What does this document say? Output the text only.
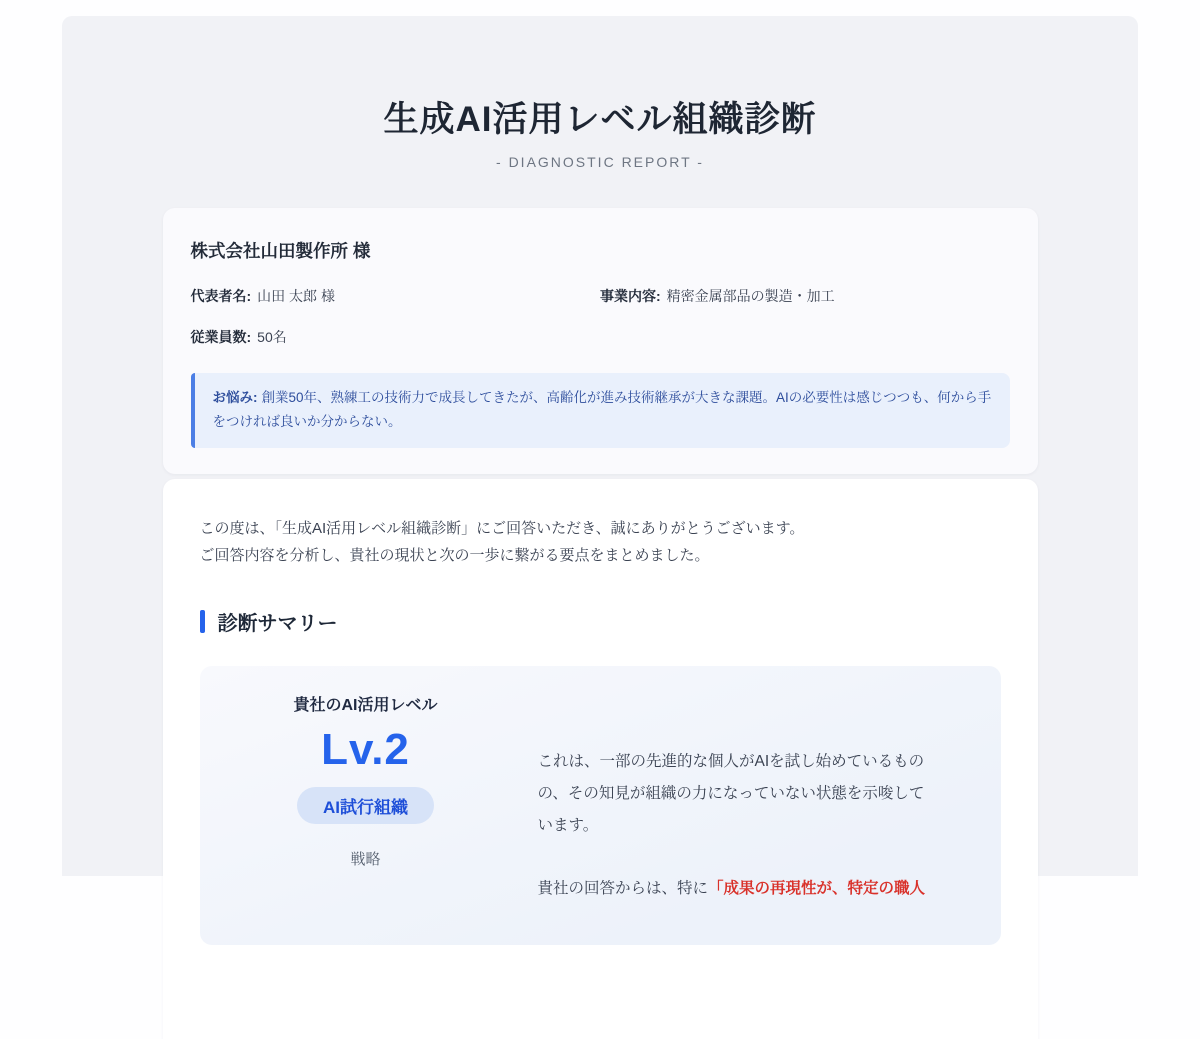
生成AI活用レベル組織診断
- DIAGNOSTIC REPORT -
株式会社山田製作所 様
代表者名: 山田 太郎 様	事業内容: 精密金属部品の製造・加工
従業員数: 50名
お悩み: 創業50年、熟練工の技術力で成長してきたが、高齢化が進み技術継承が大きな課題。AIの必要性は感じつつも、何から手をつければ良いか分からない。
この度は、「生成AI活用レベル組織診断」にご回答いただき、誠にありがとうございます。
ご回答内容を分析し、貴社の現状と次の一歩に繋がる要点をまとめました。
診断サマリー
貴社のAI活用レベル
Lv.2
AI試行組織
戦略
これは、一部の先進的な個人がAIを試し始めているもの
の、その知見が組織の力になっていない状態を示唆して
います。
貴社の回答からは、特に「成果の再現性が、特定の職人
